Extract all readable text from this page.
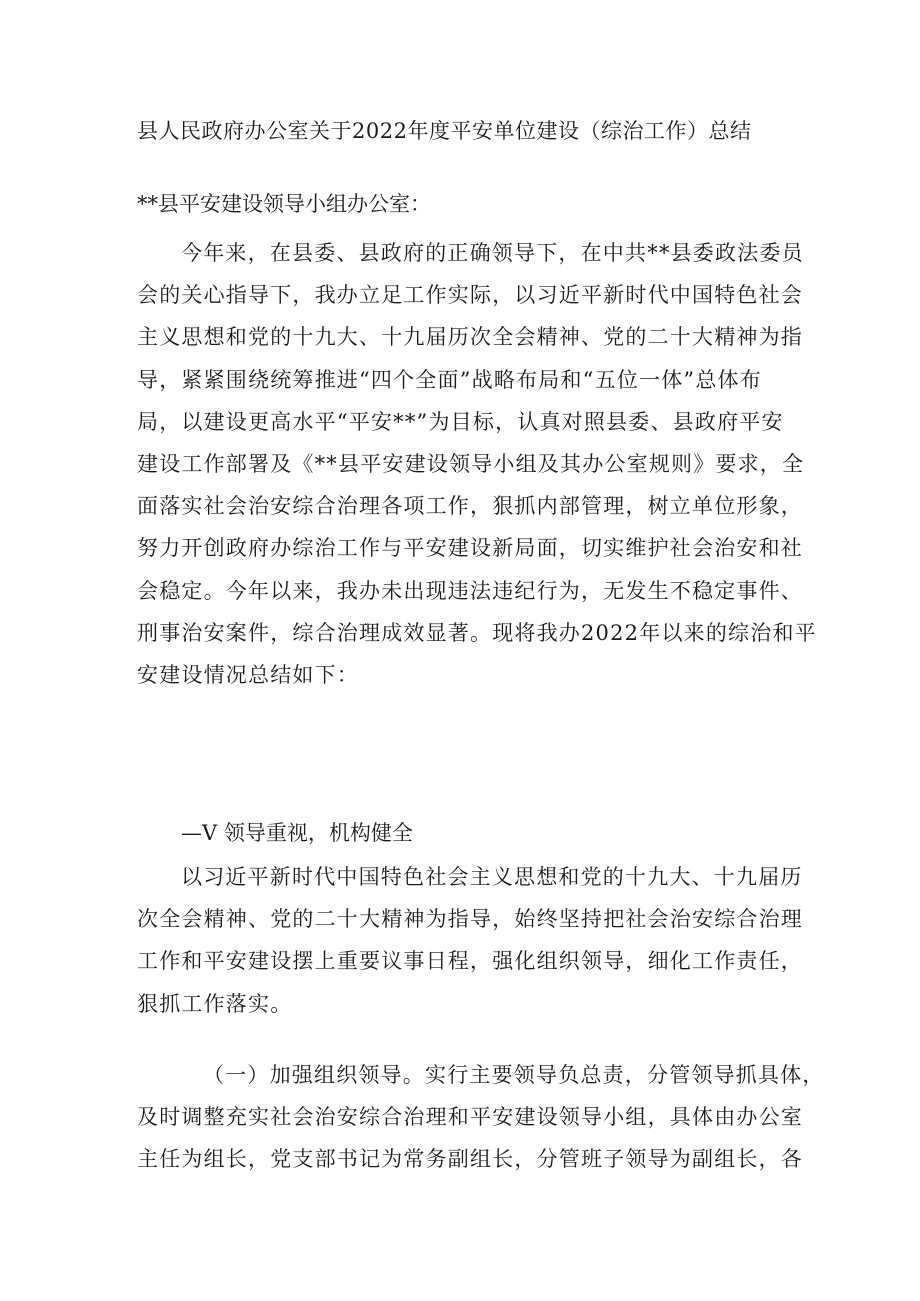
县人民政府办公室关于2022年度平安单位建设（综治工作）总结
**县平安建设领导小组办公室：
今年来，在县委、县政府的正确领导下，在中共**县委政法委员
会的关心指导下，我办立足工作实际，以习近平新时代中国特色社会
主义思想和党的十九大、十九届历次全会精神、党的二十大精神为指
导，紧紧围绕统筹推进“四个全面”战略布局和“五位一体”总体布
局，以建设更高水平“平安**”为目标，认真对照县委、县政府平安
建设工作部署及《**县平安建设领导小组及其办公室规则》要求，全
面落实社会治安综合治理各项工作，狠抓内部管理，树立单位形象，
努力开创政府办综治工作与平安建设新局面，切实维护社会治安和社
会稳定。今年以来，我办未出现违法违纪行为，无发生不稳定事件、
刑事治安案件，综合治理成效显著。现将我办2022年以来的综治和平
安建设情况总结如下：
—V 领导重视，机构健全
以习近平新时代中国特色社会主义思想和党的十九大、十九届历
次全会精神、党的二十大精神为指导，始终坚持把社会治安综合治理
工作和平安建设摆上重要议事日程，强化组织领导，细化工作责任，
狠抓工作落实。
（一）加强组织领导。实行主要领导负总责，分管领导抓具体，
及时调整充实社会治安综合治理和平安建设领导小组，具体由办公室
主任为组长，党支部书记为常务副组长，分管班子领导为副组长，各
